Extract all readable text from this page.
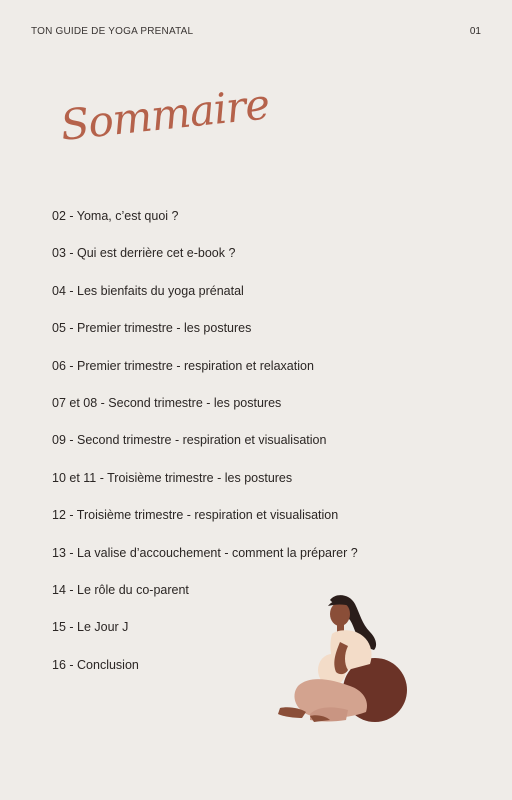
TON GUIDE DE YOGA PRENATAL	01
Sommaire
02 - Yoma, c’est quoi ?
03 - Qui est derrière cet e-book ?
04 - Les bienfaits du yoga prénatal
05 - Premier trimestre - les postures
06 - Premier trimestre - respiration et relaxation
07 et 08 - Second trimestre - les postures
09 - Second trimestre - respiration et visualisation
10 et 11 - Troisième trimestre - les postures
12 - Troisième trimestre - respiration et visualisation
13 - La valise d’accouchement - comment la préparer ?
14 - Le rôle du co-parent
15 - Le Jour J
16 - Conclusion
